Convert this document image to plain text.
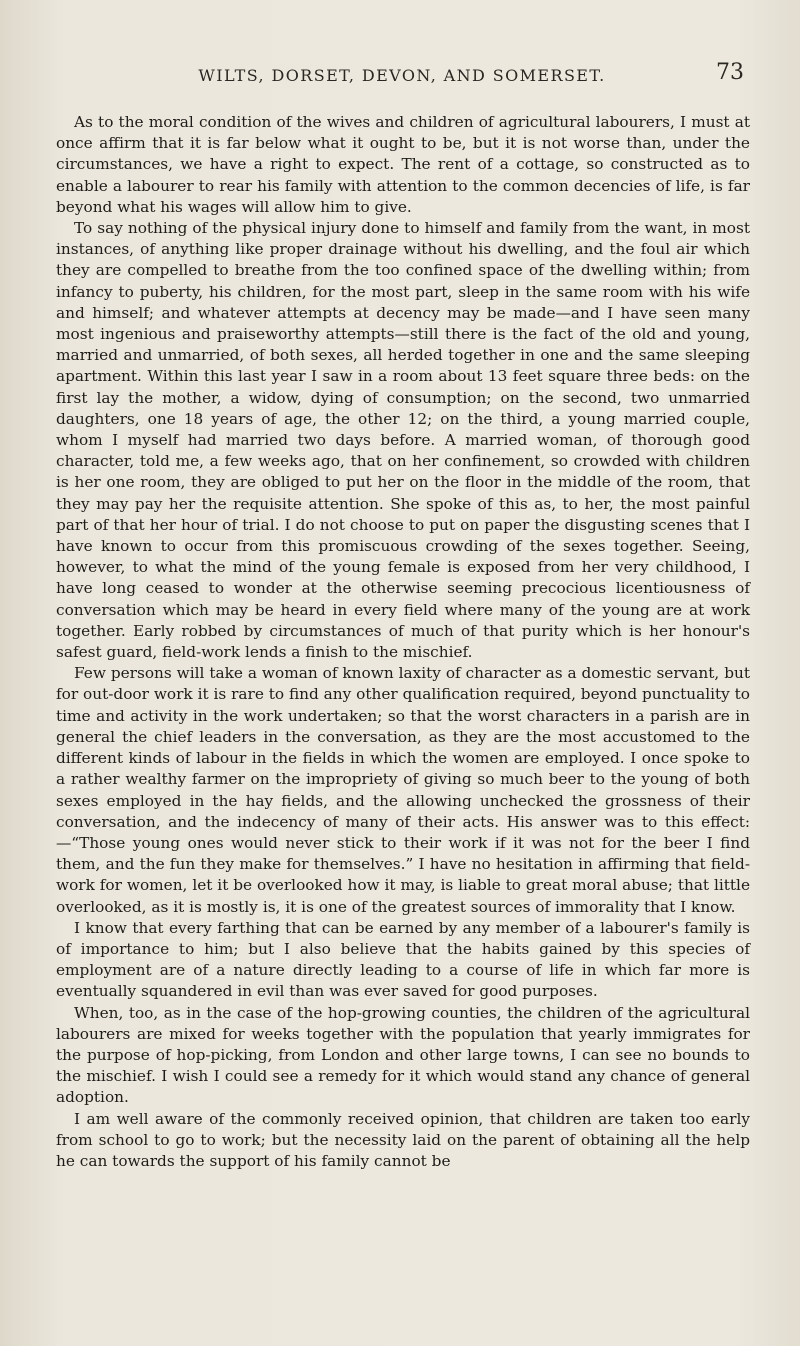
WILTS, DORSET, DEVON, AND SOMERSET.	73

As to the moral condition of the wives and children of agricultural labourers, I must at once affirm that it is far below what it ought to be, but it is not worse than, under the circumstances, we have a right to expect. The rent of a cottage, so constructed as to enable a labourer to rear his family with attention to the common decencies of life, is far beyond what his wages will allow him to give.

To say nothing of the physical injury done to himself and family from the want, in most instances, of anything like proper drainage without his dwelling, and the foul air which they are compelled to breathe from the too confined space of the dwelling within; from infancy to puberty, his children, for the most part, sleep in the same room with his wife and himself; and whatever attempts at decency may be made—and I have seen many most ingenious and praiseworthy attempts—still there is the fact of the old and young, married and unmarried, of both sexes, all herded together in one and the same sleeping apartment. Within this last year I saw in a room about 13 feet square three beds: on the first lay the mother, a widow, dying of consumption; on the second, two unmarried daughters, one 18 years of age, the other 12; on the third, a young married couple, whom I myself had married two days before. A married woman, of thorough good character, told me, a few weeks ago, that on her confinement, so crowded with children is her one room, they are obliged to put her on the floor in the middle of the room, that they may pay her the requisite attention. She spoke of this as, to her, the most painful part of that her hour of trial. I do not choose to put on paper the disgusting scenes that I have known to occur from this promiscuous crowding of the sexes together. Seeing, however, to what the mind of the young female is exposed from her very childhood, I have long ceased to wonder at the otherwise seeming precocious licentiousness of conversation which may be heard in every field where many of the young are at work together. Early robbed by circumstances of much of that purity which is her honour's safest guard, field-work lends a finish to the mischief.

Few persons will take a woman of known laxity of character as a domestic servant, but for out-door work it is rare to find any other qualification required, beyond punctuality to time and activity in the work undertaken; so that the worst characters in a parish are in general the chief leaders in the conversation, as they are the most accustomed to the different kinds of labour in the fields in which the women are employed. I once spoke to a rather wealthy farmer on the impropriety of giving so much beer to the young of both sexes employed in the hay fields, and the allowing unchecked the grossness of their conversation, and the indecency of many of their acts. His answer was to this effect:—“Those young ones would never stick to their work if it was not for the beer I find them, and the fun they make for themselves.” I have no hesitation in affirming that field-work for women, let it be overlooked how it may, is liable to great moral abuse; that little overlooked, as it is mostly is, it is one of the greatest sources of immorality that I know.

I know that every farthing that can be earned by any member of a labourer's family is of importance to him; but I also believe that the habits gained by this species of employment are of a nature directly leading to a course of life in which far more is eventually squandered in evil than was ever saved for good purposes.

When, too, as in the case of the hop-growing counties, the children of the agricultural labourers are mixed for weeks together with the population that yearly immigrates for the purpose of hop-picking, from London and other large towns, I can see no bounds to the mischief. I wish I could see a remedy for it which would stand any chance of general adoption.

I am well aware of the commonly received opinion, that children are taken too early from school to go to work; but the necessity laid on the parent of obtaining all the help he can towards the support of his family cannot be
